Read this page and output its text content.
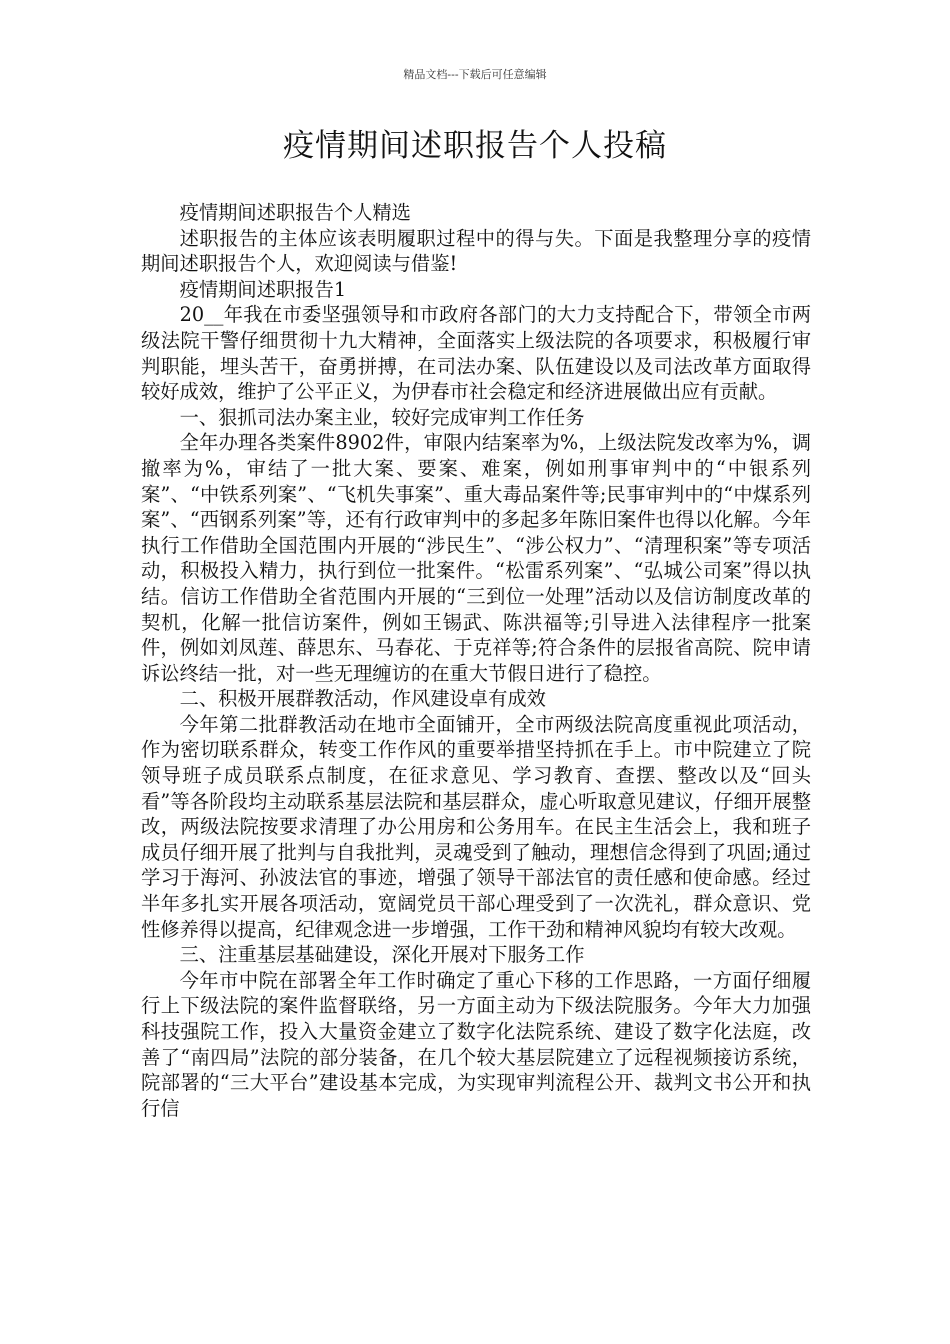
精品文档---下载后可任意编辑
疫情期间述职报告个人投稿

疫情期间述职报告个人精选

述职报告的主体应该表明履职过程中的得与失。下面是我整理分享的疫情期间述职报告个人，欢迎阅读与借鉴!

疫情期间述职报告1

20__年我在市委坚强领导和市政府各部门的大力支持配合下，带领全市两级法院干警仔细贯彻十九大精神，全面落实上级法院的各项要求，积极履行审判职能，埋头苦干，奋勇拼搏，在司法办案、队伍建设以及司法改革方面取得较好成效，维护了公平正义，为伊春市社会稳定和经济进展做出应有贡献。

一、狠抓司法办案主业，较好完成审判工作任务

全年办理各类案件8902件，审限内结案率为%，上级法院发改率为%，调撤率为%，审结了一批大案、要案、难案，例如刑事审判中的“中银系列案”、“中铁系列案”、“飞机失事案”、重大毒品案件等;民事审判中的“中煤系列案”、“西钢系列案”等，还有行政审判中的多起多年陈旧案件也得以化解。今年执行工作借助全国范围内开展的“涉民生”、“涉公权力”、“清理积案”等专项活动，积极投入精力，执行到位一批案件。“松雷系列案”、“弘城公司案”得以执结。信访工作借助全省范围内开展的“三到位一处理”活动以及信访制度改革的契机，化解一批信访案件，例如王锡武、陈洪福等;引导进入法律程序一批案件，例如刘凤莲、薛思东、马春花、于克祥等;符合条件的层报省高院、院申请诉讼终结一批，对一些无理缠访的在重大节假日进行了稳控。

二、积极开展群教活动，作风建设卓有成效

今年第二批群教活动在地市全面铺开，全市两级法院高度重视此项活动，作为密切联系群众，转变工作作风的重要举措坚持抓在手上。市中院建立了院领导班子成员联系点制度，在征求意见、学习教育、查摆、整改以及“回头看”等各阶段均主动联系基层法院和基层群众，虚心听取意见建议，仔细开展整改，两级法院按要求清理了办公用房和公务用车。在民主生活会上，我和班子成员仔细开展了批判与自我批判，灵魂受到了触动，理想信念得到了巩固;通过学习于海河、孙波法官的事迹，增强了领导干部法官的责任感和使命感。经过半年多扎实开展各项活动，宽阔党员干部心理受到了一次洗礼，群众意识、党性修养得以提高，纪律观念进一步增强，工作干劲和精神风貌均有较大改观。

三、注重基层基础建设，深化开展对下服务工作

今年市中院在部署全年工作时确定了重心下移的工作思路，一方面仔细履行上下级法院的案件监督联络，另一方面主动为下级法院服务。今年大力加强科技强院工作，投入大量资金建立了数字化法院系统、建设了数字化法庭，改善了“南四局”法院的部分装备，在几个较大基层院建立了远程视频接访系统，院部署的“三大平台”建设基本完成，为实现审判流程公开、裁判文书公开和执行信
